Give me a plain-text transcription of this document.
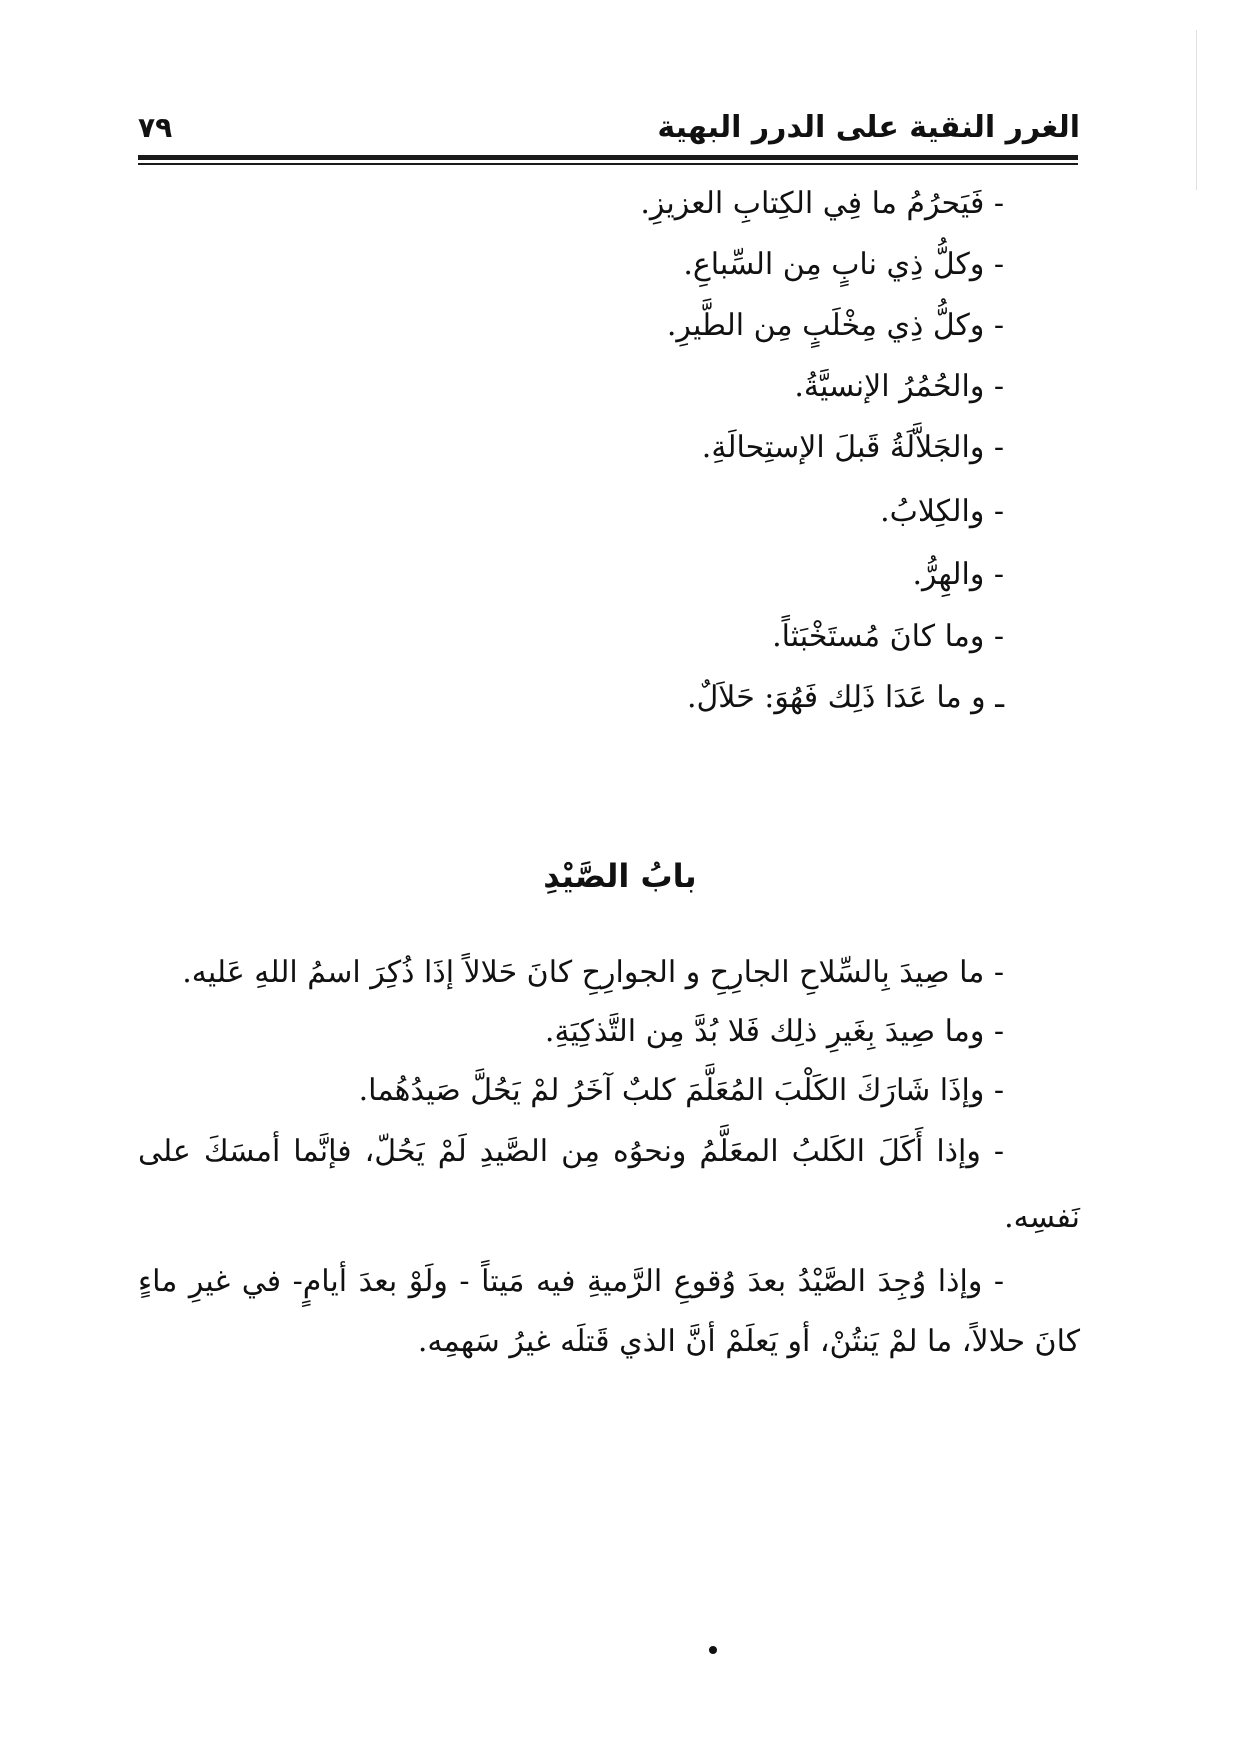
الغرر النقية على الدرر البهية
٧٩
- فَيَحرُمُ ما فِي الكِتابِ العزيزِ.
- وكلُّ ذِي نابٍ مِن السِّباعِ.
- وكلُّ ذِي مِخْلَبٍ مِن الطَّيرِ.
- والحُمُرُ الإنسيَّةُ.
- والجَلاَّلَةُ قَبلَ الإستِحالَةِ.
- والكِلابُ.
- والهِرُّ.
- وما كانَ مُستَخْبَثاً.
ـ و ما عَدَا ذَلِك فَهُوَ: حَلاَلٌ.
بابُ الصَّيْدِ
- ما صِيدَ بِالسِّلاحِ الجارِحِ و الجوارِحِ كانَ حَلالاً إذَا ذُكِرَ اسمُ اللهِ عَليه.
- وما صِيدَ بِغَيرِ ذلِك فَلا بُدَّ مِن التَّذكِيَةِ.
- وإذَا شَارَكَ الكَلْبَ المُعَلَّمَ كلبٌ آخَرُ لمْ يَحُلَّ صَيدُهُما.
- وإذا أَكَلَ الكَلبُ المعَلَّمُ ونحوُه مِن الصَّيدِ لَمْ يَحُلّ، فإنَّما أمسَكَ على
نَفسِه.
- وإذا وُجِدَ الصَّيْدُ بعدَ وُقوعِ الرَّميةِ فيه مَيتاً - ولَوْ بعدَ أيامٍ- في غيرِ ماءٍ
كانَ حلالاً، ما لمْ يَنتُنْ، أو يَعلَمْ أنَّ الذي قَتلَه غيرُ سَهمِه.
